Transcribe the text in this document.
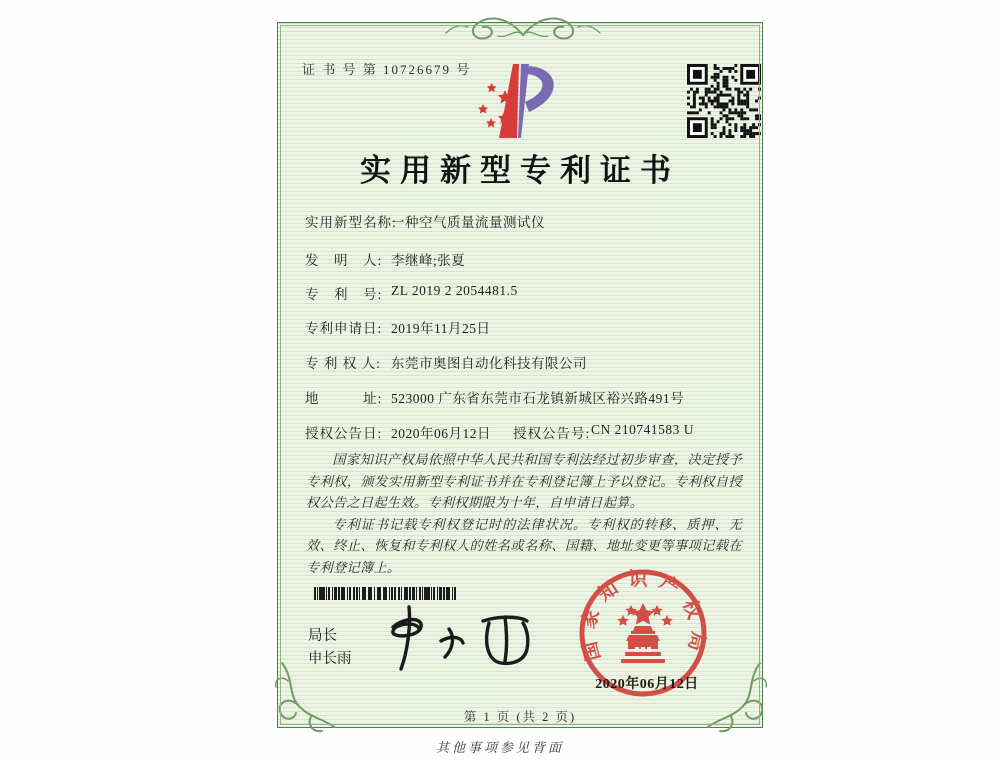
证 书 号 第 10726679 号
实用新型专利证书
实用新型名称:
一种空气质量流量测试仪
发　明　人: 李继峰;张夏
专　利　号: ZL 2019 2 2054481.5
专利申请日: 2019年11月25日
专 利 权 人: 东莞市奥图自动化科技有限公司
地　　　址: 523000 广东省东莞市石龙镇新城区裕兴路491号
授权公告日: 2020年06月12日 授权公告号: CN 210741583 U

国家知识产权局依照中华人民共和国专利法经过初步审查，决定授予专利权，颁发实用新型专利证书并在专利登记簿上予以登记。专利权自授权公告之日起生效。专利权期限为十年，自申请日起算。

专利证书记载专利权登记时的法律状况。专利权的转移、质押、无效、终止、恢复和专利权人的姓名或名称、国籍、地址变更等事项记载在专利登记簿上。

局长
申长雨	国家知识产权局
2020年06月12日
第 1 页 (共 2 页)
其他事项参见背面
